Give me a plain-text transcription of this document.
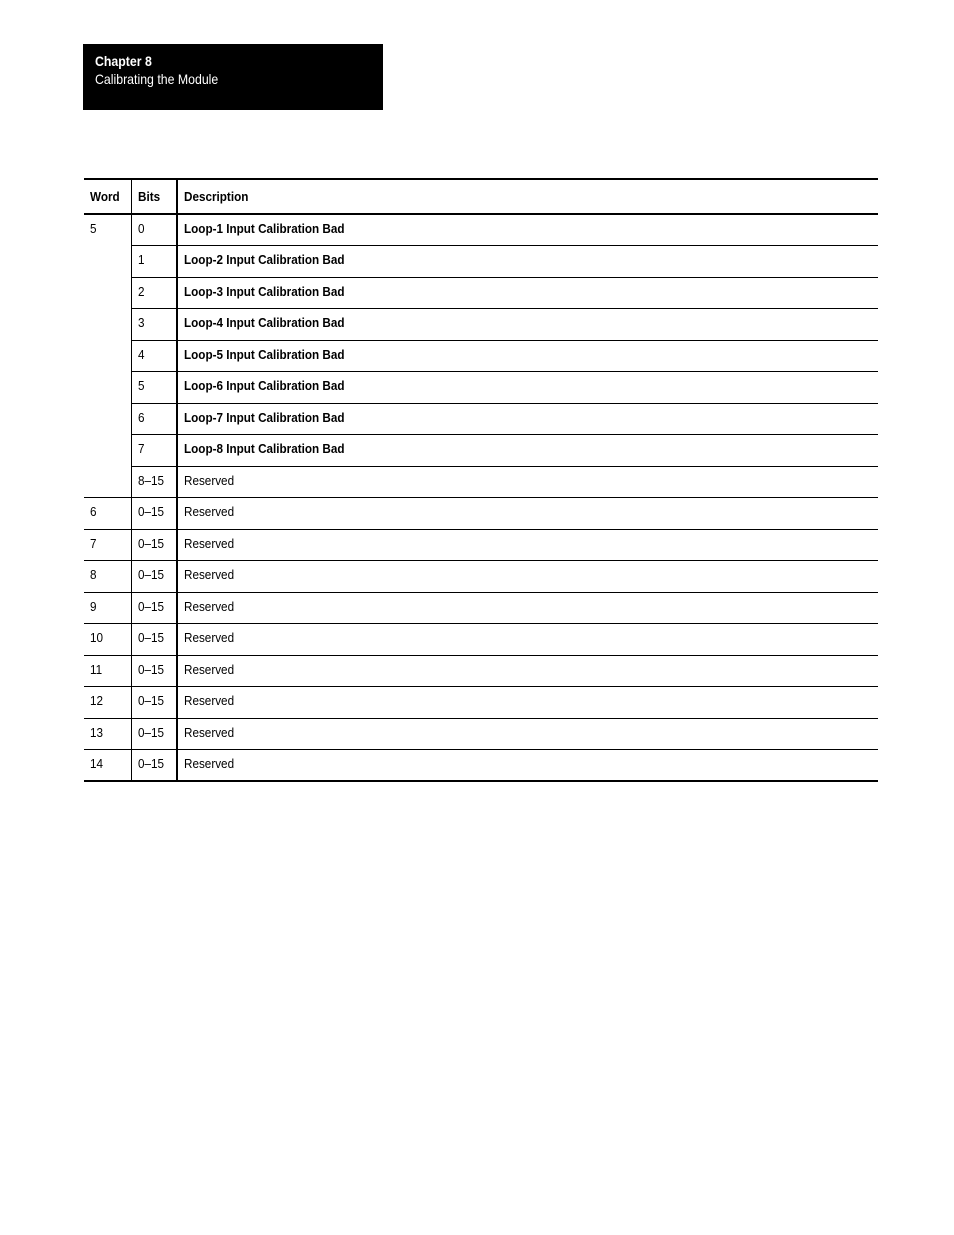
Chapter 8
Calibrating the Module
Word	Bits	Description
5	0	Loop-1 Input Calibration Bad
	1	Loop-2 Input Calibration Bad
	2	Loop-3 Input Calibration Bad
	3	Loop-4 Input Calibration Bad
	4	Loop-5 Input Calibration Bad
	5	Loop-6 Input Calibration Bad
	6	Loop-7 Input Calibration Bad
	7	Loop-8 Input Calibration Bad
	8–15	Reserved
6	0–15	Reserved
7	0–15	Reserved
8	0–15	Reserved
9	0–15	Reserved
10	0–15	Reserved
11	0–15	Reserved
12	0–15	Reserved
13	0–15	Reserved
14	0–15	Reserved
